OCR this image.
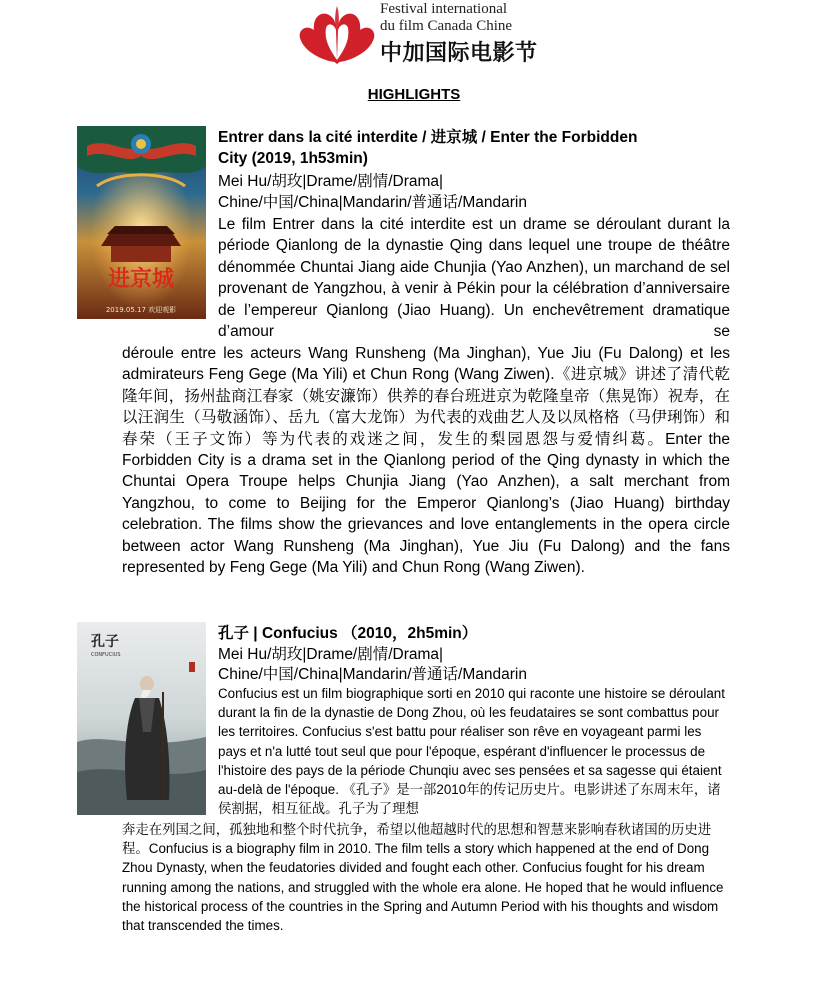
Festival international
du film Canada Chine
中加国际电影节
HIGHLIGHTS
进京城
2019.05.17 欢迎观影
Entrer dans la cité interdite / 进京城 / Enter the Forbidden
City (2019, 1h53min)
Mei Hu/胡玫|Drame/剧情/Drama|
Chine/中国/China|Mandarin/普通话/Mandarin
Le film Entrer dans la cité interdite est un drame se déroulant durant la période Qianlong de la dynastie Qing dans lequel une troupe de théâtre dénommée Chuntai Jiang aide Chunjia (Yao Anzhen), un marchand de sel provenant de Yangzhou, à venir à Pékin pour la célébration d’anniversaire de l’empereur Qianlong (Jiao Huang). Un enchevêtrement dramatique d’amour se
déroule entre les acteurs Wang Runsheng (Ma Jinghan), Yue Jiu (Fu Dalong) et les admirateurs Feng Gege (Ma Yili) et Chun Rong (Wang Ziwen).《进京城》讲述了清代乾隆年间，扬州盐商江春家（姚安濂饰）供养的春台班进京为乾隆皇帝（焦晃饰）祝寿，在以汪润生（马敬涵饰）、岳九（富大龙饰）为代表的戏曲艺人及以凤格格（马伊琍饰）和春荣（王子文饰）等为代表的戏迷之间，发生的梨园恩怨与爱情纠葛。Enter the Forbidden City is a drama set in the Qianlong period of the Qing dynasty in which the Chuntai Opera Troupe helps Chunjia Jiang (Yao Anzhen), a salt merchant from Yangzhou, to come to Beijing for the Emperor Qianlong’s (Jiao Huang) birthday celebration. The films show the grievances and love entanglements in the opera circle between actor Wang Runsheng (Ma Jinghan), Yue Jiu (Fu Dalong) and the fans represented by Feng Gege (Ma Yili) and Chun Rong (Wang Ziwen).
孔子
CONFUCIUS
孔子 | Confucius （2010，2h5min）
Mei Hu/胡玫|Drame/剧情/Drama|
Chine/中国/China|Mandarin/普通话/Mandarin
Confucius est un film biographique sorti en 2010 qui raconte une histoire se déroulant durant la fin de la dynastie de Dong Zhou, où les feudataires se sont combattus pour les territoires. Confucius s'est battu pour réaliser son rêve en voyageant parmi les pays et n'a lutté tout seul que pour l'époque, espérant d'influencer le processus de l'histoire des pays de la période Chunqiu avec ses pensées et sa sagesse qui étaient au-delà de l'époque. 《孔子》是一部2010年的传记历史片。电影讲述了东周末年，诸侯割据，相互征战。孔子为了理想
奔走在列国之间，孤独地和整个时代抗争，希望以他超越时代的思想和智慧来影响春秋诸国的历史进程。Confucius is a biography film in 2010. The film tells a story which happened at the end of Dong Zhou Dynasty, when the feudatories divided and fought each other. Confucius fought for his dream running among the nations, and struggled with the whole era alone. He hoped that he would influence the historical process of the countries in the Spring and Autumn Period with his thoughts and wisdom that transcended the times.
